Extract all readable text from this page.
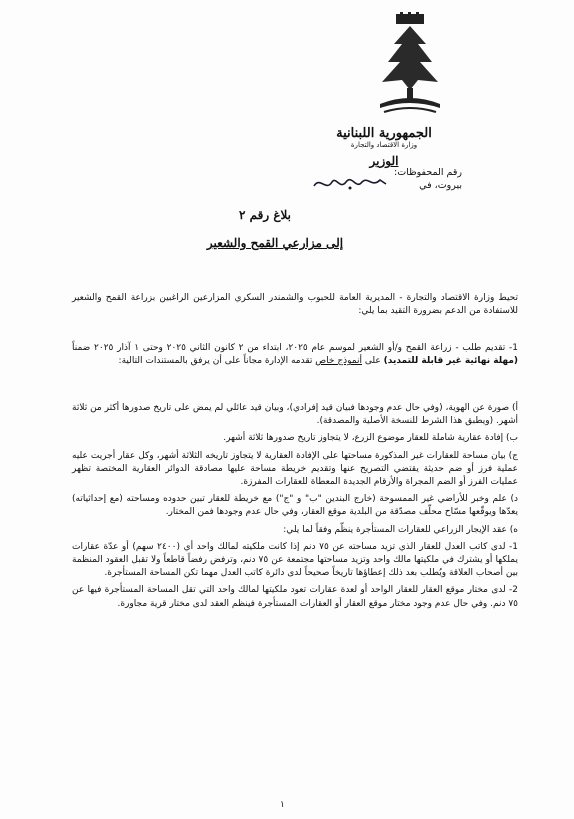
الجمهورية اللبنانية
وزارة الاقتصاد والتجارة
الوزير
رقم المحفوظات:
بيروت، في
بلاغ رقم ٢
إلى مزارعي القمح والشعير

تحيط وزارة الاقتصاد والتجارة - المديرية العامة للحبوب والشمندر السكري المزارعين الراغبين بزراعة القمح والشعير للاستفادة من الدعم بضرورة التقيد بما يلي:

1- تقديم طلب - زراعة القمح و/أو الشعير لموسم عام ٢٠٢٥، ابتداء من ٢ كانون الثاني ٢٠٢٥ وحتى ١ آذار ٢٠٢٥ ضمناً (مهلة نهائية غير قابلة للتمديد) على أنموذج خاص تقدمه الإدارة مجاناً على أن يرفق بالمستندات التالية:

أ) صورة عن الهوية، (وفي حال عدم وجودها فبيان قيد إفرادي)، وبيان قيد عائلي لم يمض على تاريخ صدورها أكثر من ثلاثة أشهر. (ويطبق هذا الشرط للنسخة الأصلية والمصدقة).

ب) إفادة عقارية شاملة للعقار موضوع الزرع، لا يتجاوز تاريخ صدورها ثلاثة أشهر.

ج) بيان مساحة للعقارات غير المذكورة مساحتها على الإفادة العقارية لا يتجاوز تاريخه الثلاثة أشهر، وكل عقار أجريت عليه عملية فرز أو ضم حديثة يقتضي التصريح عنها وتقديم خريطة مساحة عليها مصادقة الدوائر العقارية المختصة تظهر عمليات الفرز أو الضم المجراة والأرقام الجديدة المعطاة للعقارات المفرزة.

د) علم وخبر للأراضي غير الممسوحة (خارج البندين "ب" و "ج") مع خريطة للعقار تبين حدوده ومساحته (مع إحداثياته) يعدّها ويوقّعها مسّاح محلّف مصدّقة من البلدية موقع العقار، وفي حال عدم وجودها فمن المختار.

ه) عقد الإيجار الزراعي للعقارات المستأجرة ينظّم وفقاً لما يلي:

1- لدى كاتب العدل للعقار الذي تزيد مساحته عن ٧٥ دنم إذا كانت ملكيته لمالك واحد أي (٢٤٠٠ سهم) أو عدّة عقارات يملكها أو يشترك في ملكيتها مالك واحد وتزيد مساحتها مجتمعة عن ٧٥ دنم، وترفض رفضاً قاطعاً ولا تقبل العقود المنظمة بين أصحاب العلاقة ويُطلب بعد ذلك إعطاؤها تاريخاً صحيحاً لدى دائرة كاتب العدل مهما تكن المساحة المستأجرة.

2- لدى مختار موقع العقار للعقار الواحد أو لعدة عقارات تعود ملكيتها لمالك واحد التي تقل المساحة المستأجرة فيها عن ٧٥ دنم. وفي حال عدم وجود مختار موقع العقار أو العقارات المستأجرة فينظم العقد لدى مختار قرية مجاورة.

١
